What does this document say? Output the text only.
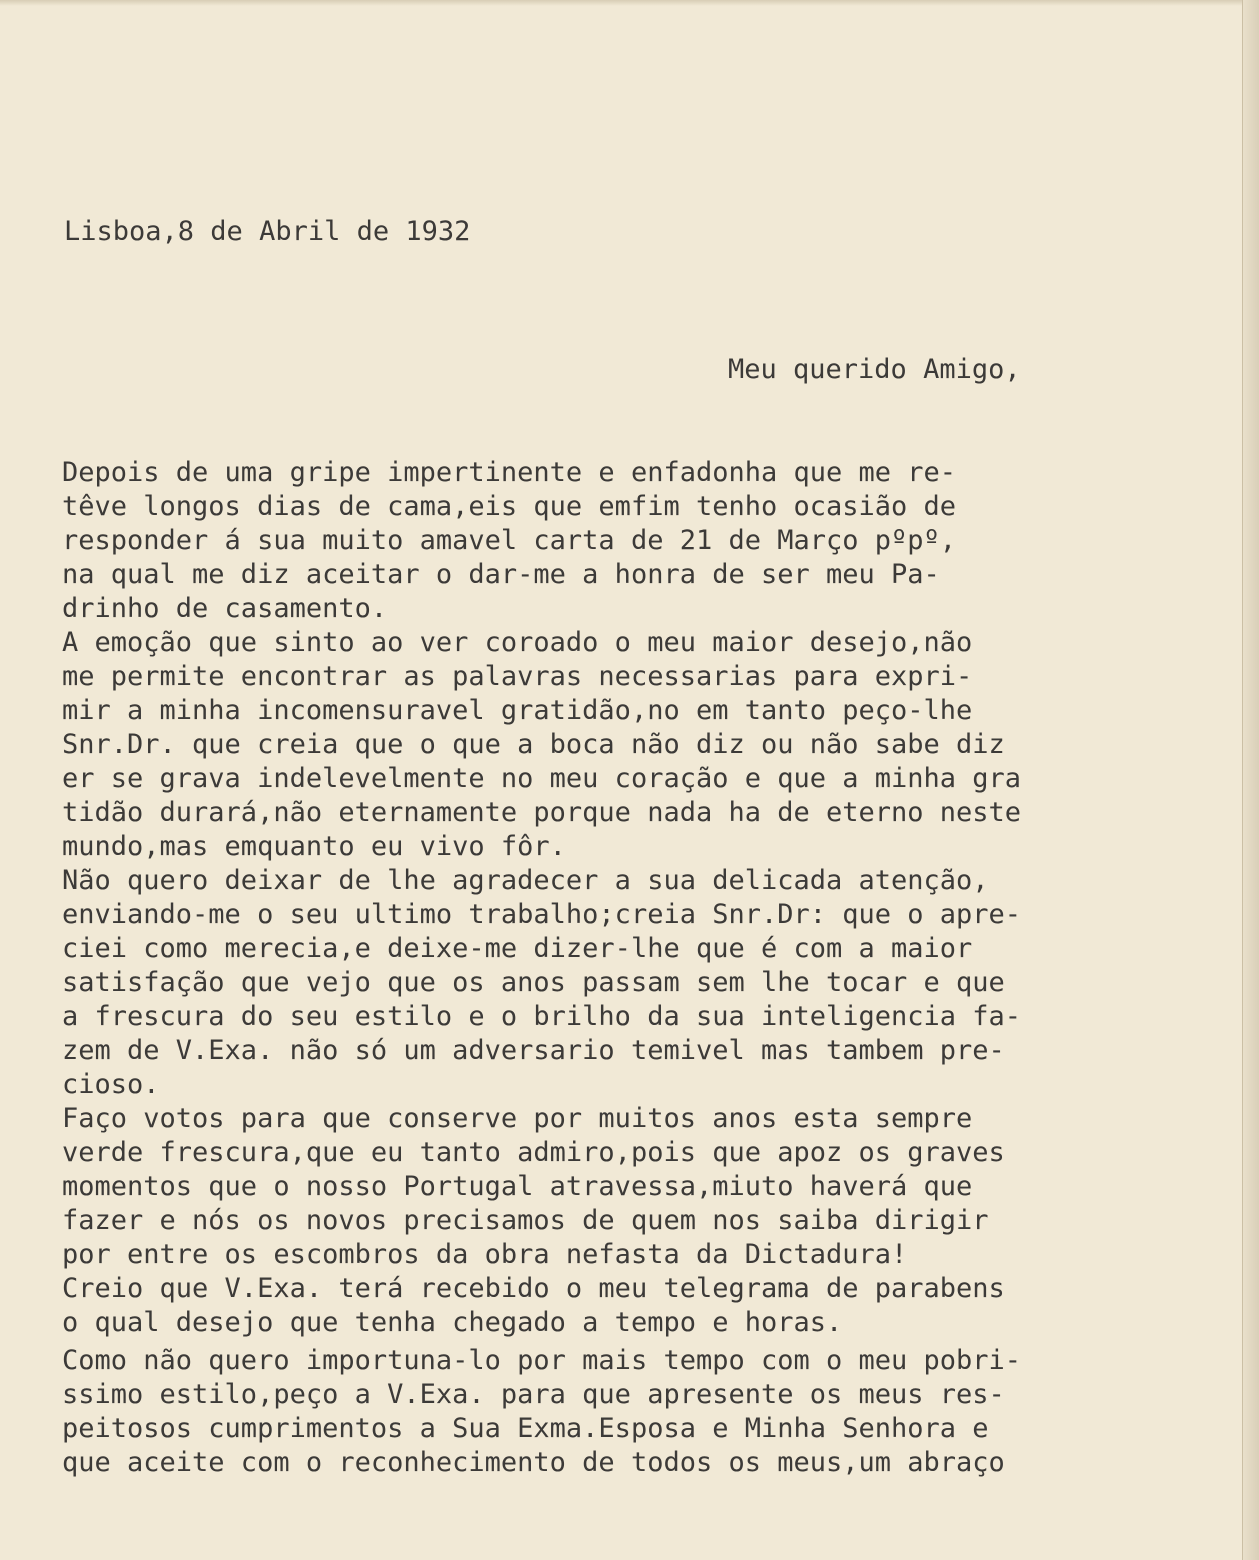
Lisboa,8 de Abril de 1932

Meu querido Amigo,

Depois de uma gripe impertinente e enfadonha que me re-
têve longos dias de cama,eis que emfim tenho ocasião de
responder á sua muito amavel carta de 21 de Março pºpº,
na qual me diz aceitar o dar-me a honra de ser meu Pa-
drinho de casamento.
A emoção que sinto ao ver coroado o meu maior desejo,não
me permite encontrar as palavras necessarias para expri-
mir a minha incomensuravel gratidão,no em tanto peço-lhe
Snr.Dr. que creia que o que a boca não diz ou não sabe diz
er se grava indelevelmente no meu coração e que a minha gra
tidão durará,não eternamente porque nada ha de eterno neste
mundo,mas emquanto eu vivo fôr.
Não quero deixar de lhe agradecer a sua delicada atenção,
enviando-me o seu ultimo trabalho;creia Snr.Dr: que o apre-
ciei como merecia,e deixe-me dizer-lhe que é com a maior
satisfação que vejo que os anos passam sem lhe tocar e que
a frescura do seu estilo e o brilho da sua inteligencia fa-
zem de V.Exa. não só um adversario temivel mas tambem pre-
cioso.
Faço votos para que conserve por muitos anos esta sempre
verde frescura,que eu tanto admiro,pois que apoz os graves
momentos que o nosso Portugal atravessa,miuto haverá que
fazer e nós os novos precisamos de quem nos saiba dirigir
por entre os escombros da obra nefasta da Dictadura!
Creio que V.Exa. terá recebido o meu telegrama de parabens
o qual desejo que tenha chegado a tempo e horas.
Como não quero importuna-lo por mais tempo com o meu pobri-
ssimo estilo,peço a V.Exa. para que apresente os meus res-
peitosos cumprimentos a Sua Exma.Esposa e Minha Senhora e
que aceite com o reconhecimento de todos os meus,um abraço
